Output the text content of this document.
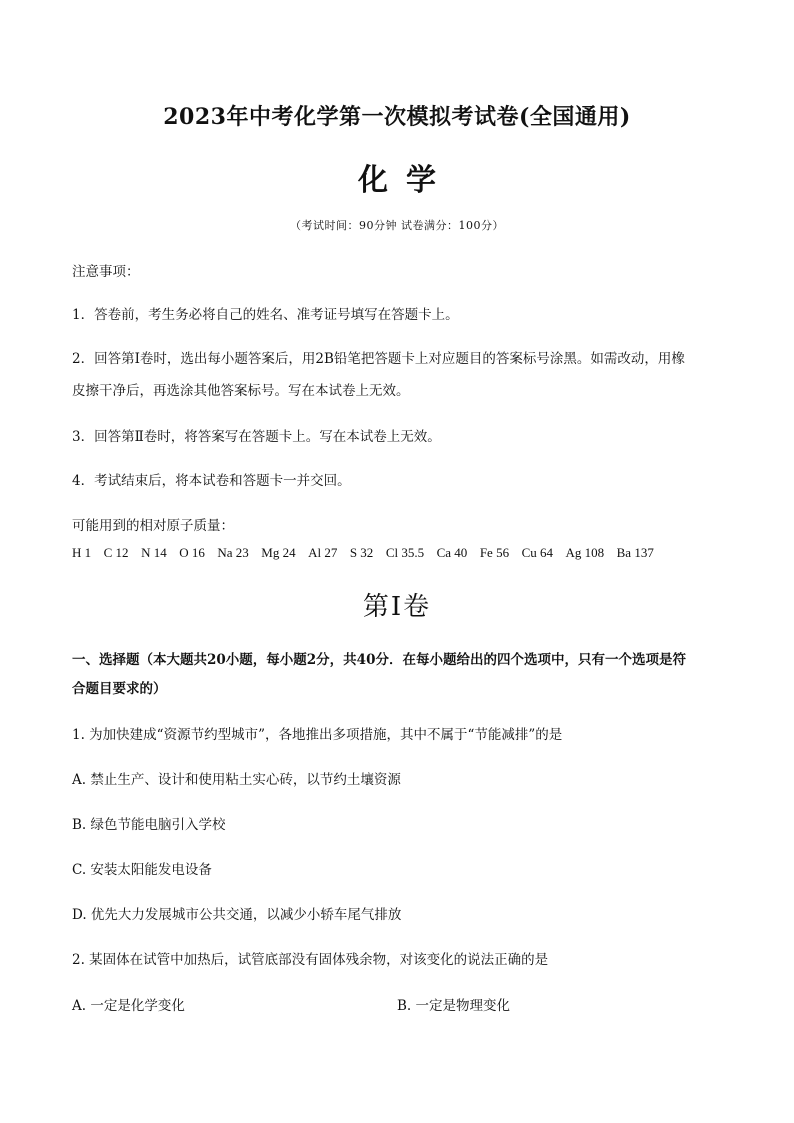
2023年中考化学第一次模拟考试卷(全国通用)
化学
（考试时间：90分钟 试卷满分：100分）
注意事项：
1．答卷前，考生务必将自己的姓名、准考证号填写在答题卡上。
2．回答第Ⅰ卷时，选出每小题答案后，用2B铅笔把答题卡上对应题目的答案标号涂黑。如需改动，用橡
皮擦干净后，再选涂其他答案标号。写在本试卷上无效。
3．回答第Ⅱ卷时，将答案写在答题卡上。写在本试卷上无效。
4．考试结束后，将本试卷和答题卡一并交回。
可能用到的相对原子质量：
H 1 C 12 N 14 O 16 Na 23 Mg 24 Al 27 S 32 Cl 35.5 Ca 40 Fe 56 Cu 64 Ag 108 Ba 137
第Ⅰ卷
一、选择题（本大题共20小题，每小题2分，共40分．在每小题给出的四个选项中，只有一个选项是符
合题目要求的）
1. 为加快建成“资源节约型城市”，各地推出多项措施，其中不属于“节能减排”的是
A. 禁止生产、设计和使用粘土实心砖，以节约土壤资源
B. 绿色节能电脑引入学校
C. 安装太阳能发电设备
D. 优先大力发展城市公共交通，以减少小轿车尾气排放
2. 某固体在试管中加热后，试管底部没有固体残余物，对该变化的说法正确的是
A. 一定是化学变化	B. 一定是物理变化
